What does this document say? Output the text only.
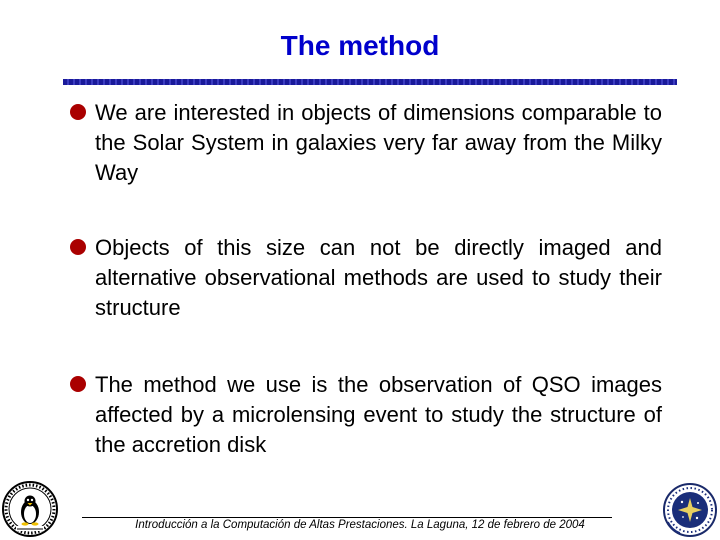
The method
We are interested in objects of dimensions comparable to the Solar System in galaxies very far away from the Milky Way
Objects of this size can not be directly imaged and alternative observational methods are used to study their structure
The method we use is the observation of QSO images affected by a microlensing event to study the structure of the accretion disk
Introducción a la Computación de Altas Prestaciones. La Laguna, 12 de febrero de 2004
